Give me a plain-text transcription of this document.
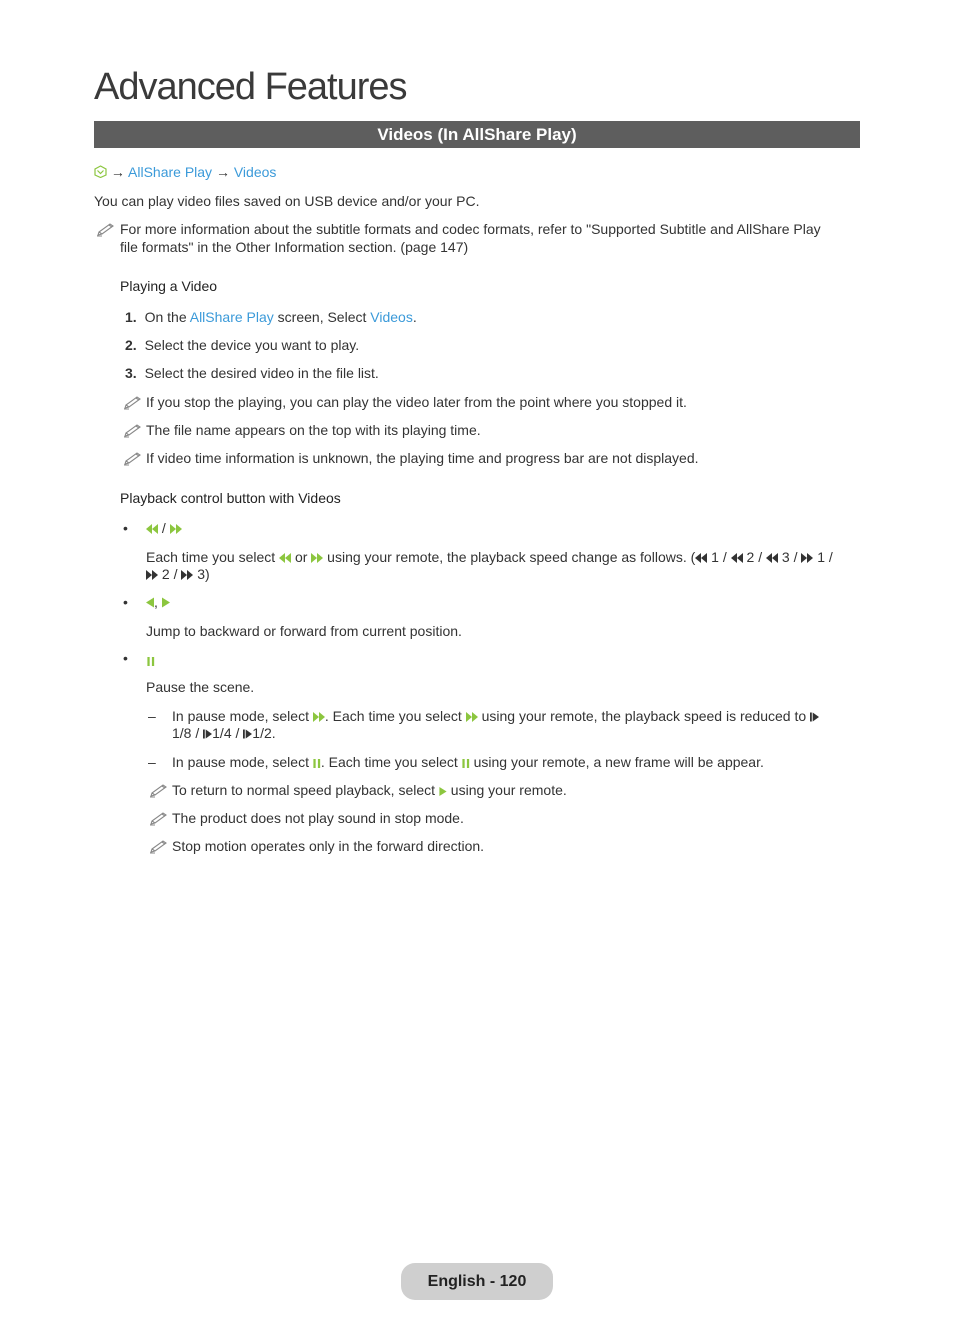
Advanced Features
Videos (In AllShare Play)
→ AllShare Play → Videos
You can play video files saved on USB device and/or your PC.
For more information about the subtitle formats and codec formats, refer to "Supported Subtitle and AllShare Play
file formats" in the Other Information section. (page 147)
Playing a Video
1. On the AllShare Play screen, Select Videos.
2. Select the device you want to play.
3. Select the desired video in the file list.
If you stop the playing, you can play the video later from the point where you stopped it.
The file name appears on the top with its playing time.
If video time information is unknown, the playing time and progress bar are not displayed.
Playback control button with Videos
•	/
Each time you select  or  using your remote, the playback speed change as follows. ( 1 /  2 /  3 /  1 /
2 /  3)
•	,
Jump to backward or forward from current position.
•
Pause the scene.
– In pause mode, select . Each time you select  using your remote, the playback speed is reduced to
1/8 / 1/4 / 1/2.
– In pause mode, select . Each time you select  using your remote, a new frame will be appear.
To return to normal speed playback, select  using your remote.
The product does not play sound in stop mode.
Stop motion operates only in the forward direction.
English - 120
